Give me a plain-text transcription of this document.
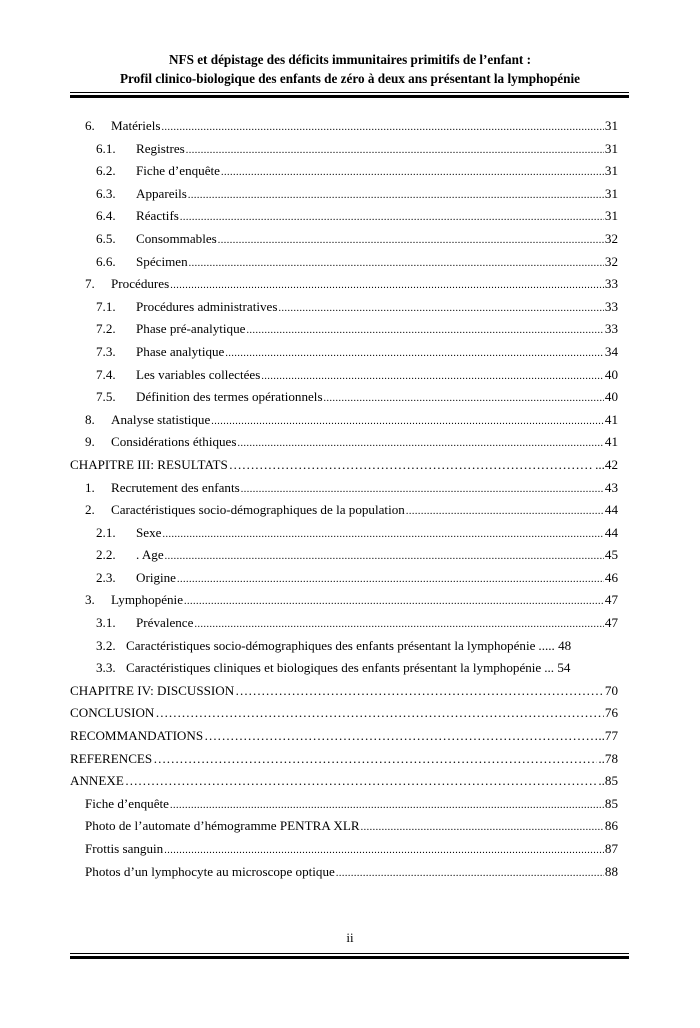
NFS et dépistage des déficits immunitaires primitifs de l’enfant :
Profil clinico-biologique des enfants de zéro à deux ans présentant la lymphopénie
6.	Matériels .....	31
6.1.	Registres .....	31
6.2.	Fiche d’enquête .....	31
6.3.	Appareils .....	31
6.4.	Réactifs .....	31
6.5.	Consommables .....	32
6.6.	Spécimen .....	32
7.	Procédures .....	33
7.1.	Procédures administratives .....	33
7.2.	Phase pré-analytique .....	33
7.3.	Phase analytique .....	34
7.4.	Les variables collectées .....	40
7.5.	Définition des termes opérationnels .....	40
8.	Analyse statistique .....	41
9.	Considérations éthiques .....	41
CHAPITRE III: RESULTATS …………………………………………………………………………………………………………………………………………………………………………………	...42
1.	Recrutement des enfants .....	43
2.	Caractéristiques socio-démographiques de la population .....	44
2.1.	Sexe .....	44
2.2.	. Age .....	45
2.3.	Origine .....	46
3.	Lymphopénie .....	47
3.1.	Prévalence .....	47
3.2. Caractéristiques socio-démographiques des enfants présentant la lymphopénie ..... 48
3.3. Caractéristiques cliniques et biologiques des enfants présentant la lymphopénie ... 54
CHAPITRE IV: DISCUSSION …………………………………………………………………………………………………………………………………………………………………………………	70
CONCLUSION …………………………………………………………………………………………………………………………………………………………………………………	76
RECOMMANDATIONS …………………………………………………………………………………………………………………………………………………………………………………	..77
REFERENCES …………………………………………………………………………………………………………………………………………………………………………………	..78
ANNEXE …………………………………………………………………………………………………………………………………………………………………………………	..85
Fiche d’enquête .....	85
Photo de l’automate d’hémogramme PENTRA XLR .....	86
Frottis sanguin .....	87
Photos d’un lymphocyte au microscope optique .....	88
ii
